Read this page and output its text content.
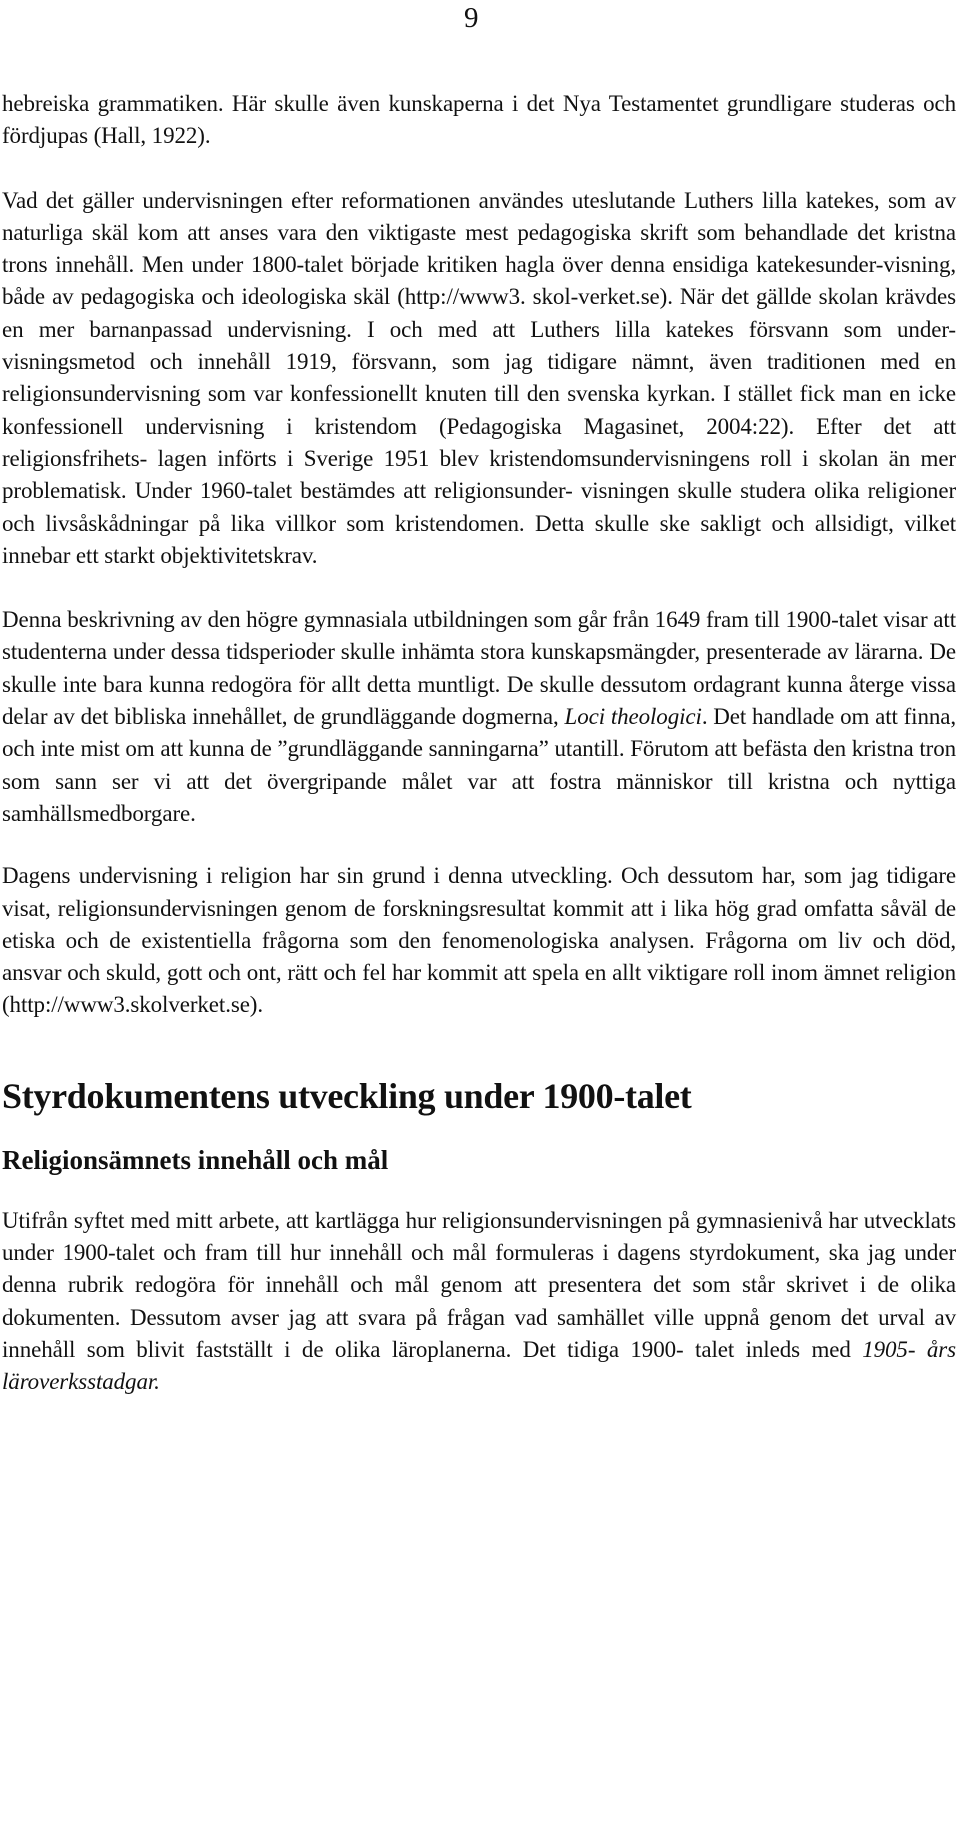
9

hebreiska grammatiken. Här skulle även kunskaperna i det Nya Testamentet grundligare studeras och fördjupas (Hall, 1922).

Vad det gäller undervisningen efter reformationen användes uteslutande Luthers lilla katekes, som av naturliga skäl kom att anses vara den viktigaste mest pedagogiska skrift som behandlade det kristna trons innehåll. Men under 1800-talet började kritiken hagla över denna ensidiga katekesunder-visning, både av pedagogiska och ideologiska skäl (http://www3. skol-verket.se). När det gällde skolan krävdes en mer barnanpassad undervisning. I och med att Luthers lilla katekes försvann som under- visningsmetod och innehåll 1919, försvann, som jag tidigare nämnt, även traditionen med en religionsundervisning som var konfessionellt knuten till den svenska kyrkan. I stället fick man en icke konfessionell undervisning i kristendom (Pedagogiska Magasinet, 2004:22). Efter det att religionsfrihets- lagen införts i Sverige 1951 blev kristendomsundervisningens roll i skolan än mer problematisk. Under 1960-talet bestämdes att religionsunder- visningen skulle studera olika religioner och livsåskådningar på lika villkor som kristendomen. Detta skulle ske sakligt och allsidigt, vilket innebar ett starkt objektivitetskrav.

Denna beskrivning av den högre gymnasiala utbildningen som går från 1649 fram till 1900-talet visar att studenterna under dessa tidsperioder skulle inhämta stora kunskapsmängder, presenterade av lärarna. De skulle inte bara kunna redogöra för allt detta muntligt. De skulle dessutom ordagrant kunna återge vissa delar av det bibliska innehållet, de grundläggande dogmerna, Loci theologici. Det handlade om att finna, och inte mist om att kunna de ”grundläggande sanningarna” utantill. Förutom att befästa den kristna tron som sann ser vi att det övergripande målet var att fostra människor till kristna och nyttiga samhällsmedborgare.

Dagens undervisning i religion har sin grund i denna utveckling. Och dessutom har, som jag tidigare visat, religionsundervisningen genom de forskningsresultat kommit att i lika hög grad omfatta såväl de etiska och de existentiella frågorna som den fenomenologiska analysen. Frågorna om liv och död, ansvar och skuld, gott och ont, rätt och fel har kommit att spela en allt viktigare roll inom ämnet religion (http://www3.skolverket.se).

Styrdokumentens utveckling under 1900-talet
Religionsämnets innehåll och mål

Utifrån syftet med mitt arbete, att kartlägga hur religionsundervisningen på gymnasienivå har utvecklats under 1900-talet och fram till hur innehåll och mål formuleras i dagens styrdokument, ska jag under denna rubrik redogöra för innehåll och mål genom att presentera det som står skrivet i de olika dokumenten. Dessutom avser jag att svara på frågan vad samhället ville uppnå genom det urval av innehåll som blivit fastställt i de olika läroplanerna. Det tidiga 1900- talet inleds med 1905- års läroverksstadgar.
